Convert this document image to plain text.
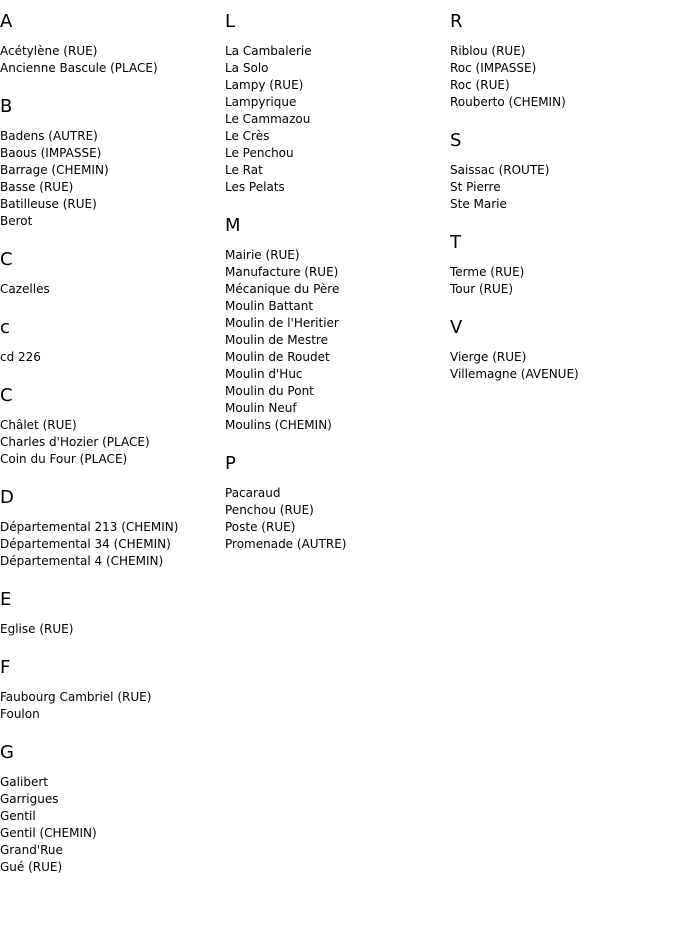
A
Acétylène (RUE)
Ancienne Bascule (PLACE)
B
Badens (AUTRE)
Baous (IMPASSE)
Barrage (CHEMIN)
Basse (RUE)
Batilleuse (RUE)
Berot
C
Cazelles
c
cd 226
C
Châlet (RUE)
Charles d'Hozier (PLACE)
Coin du Four (PLACE)
D
Départemental 213 (CHEMIN)
Départemental 34 (CHEMIN)
Départemental 4 (CHEMIN)
E
Eglise (RUE)
F
Faubourg Cambriel (RUE)
Foulon
G
Galibert
Garrigues
Gentil
Gentil (CHEMIN)
Grand'Rue
Gué (RUE)
L
La Cambalerie
La Solo
Lampy (RUE)
Lampyrique
Le Cammazou
Le Crès
Le Penchou
Le Rat
Les Pelats
M
Mairie (RUE)
Manufacture (RUE)
Mécanique du Père
Moulin Battant
Moulin de l'Heritier
Moulin de Mestre
Moulin de Roudet
Moulin d'Huc
Moulin du Pont
Moulin Neuf
Moulins (CHEMIN)
P
Pacaraud
Penchou (RUE)
Poste (RUE)
Promenade (AUTRE)
R
Riblou (RUE)
Roc (IMPASSE)
Roc (RUE)
Rouberto (CHEMIN)
S
Saissac (ROUTE)
St Pierre
Ste Marie
T
Terme (RUE)
Tour (RUE)
V
Vierge (RUE)
Villemagne (AVENUE)
